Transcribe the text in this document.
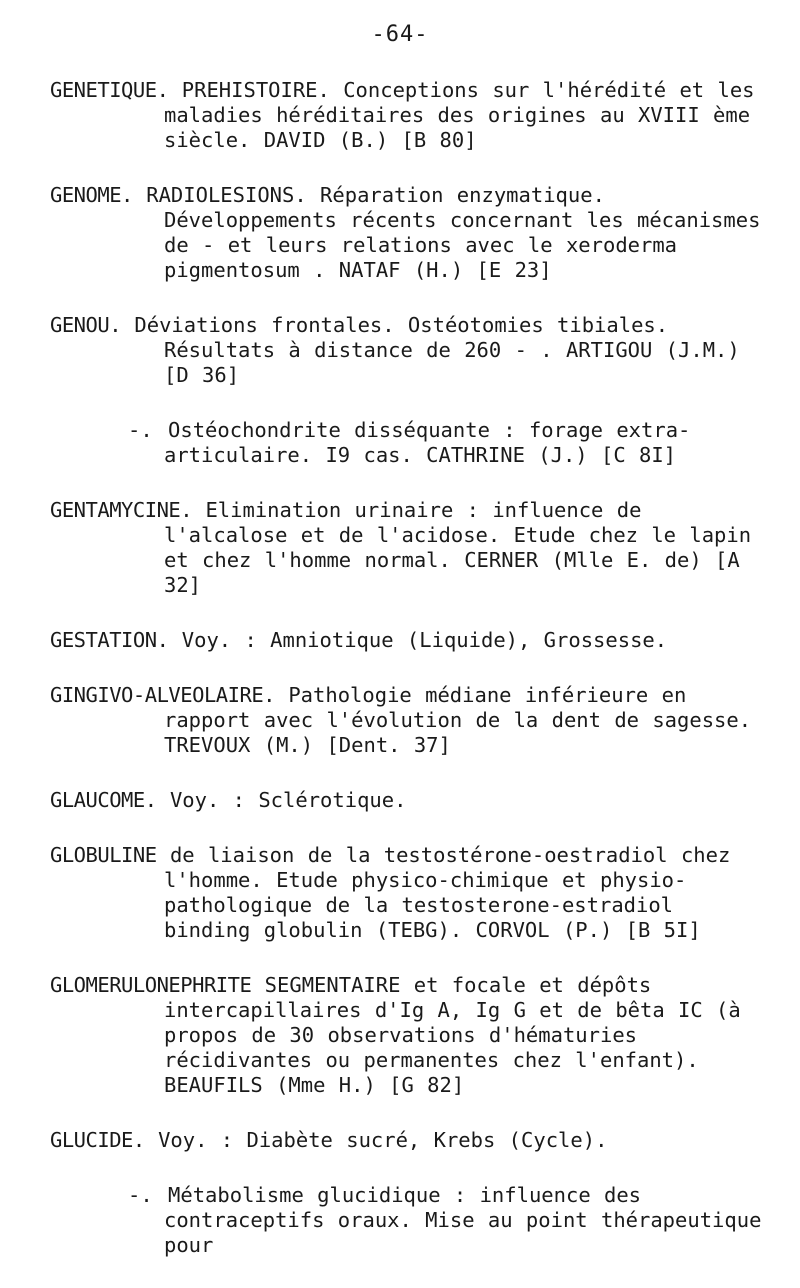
-64-
GENETIQUE. PREHISTOIRE. Conceptions sur l'hérédité et les maladies héréditaires des origines au XVIII ème siècle. DAVID (B.) [B 80]
GENOME. RADIOLESIONS. Réparation enzymatique. Développements récents concernant les mécanismes de - et leurs relations avec le xeroderma pigmentosum . NATAF (H.) [E 23]
GENOU. Déviations frontales. Ostéotomies tibiales. Résultats à distance de 260 - . ARTIGOU (J.M.) [D 36]
-. Ostéochondrite disséquante : forage extra-articulaire. I9 cas. CATHRINE (J.) [C 8I]
GENTAMYCINE. Elimination urinaire : influence de l'alcalose et de l'acidose. Etude chez le lapin et chez l'homme normal. CERNER (Mlle E. de) [A 32]
GESTATION. Voy. : Amniotique (Liquide), Grossesse.
GINGIVO-ALVEOLAIRE. Pathologie médiane inférieure en rapport avec l'évolution de la dent de sagesse. TREVOUX (M.) [Dent. 37]
GLAUCOME. Voy. : Sclérotique.
GLOBULINE de liaison de la testostérone-oestradiol chez l'homme. Etude physico-chimique et physio-pathologique de la testosterone-estradiol binding globulin (TEBG). CORVOL (P.) [B 5I]
GLOMERULONEPHRITE SEGMENTAIRE et focale et dépôts intercapillaires d'Ig A, Ig G et de bêta IC (à propos de 30 observations d'hématuries récidivantes ou permanentes chez l'enfant). BEAUFILS (Mme H.) [G 82]
GLUCIDE. Voy. : Diabète sucré, Krebs (Cycle).
-. Métabolisme glucidique : influence des contraceptifs oraux. Mise au point thérapeutique pour
